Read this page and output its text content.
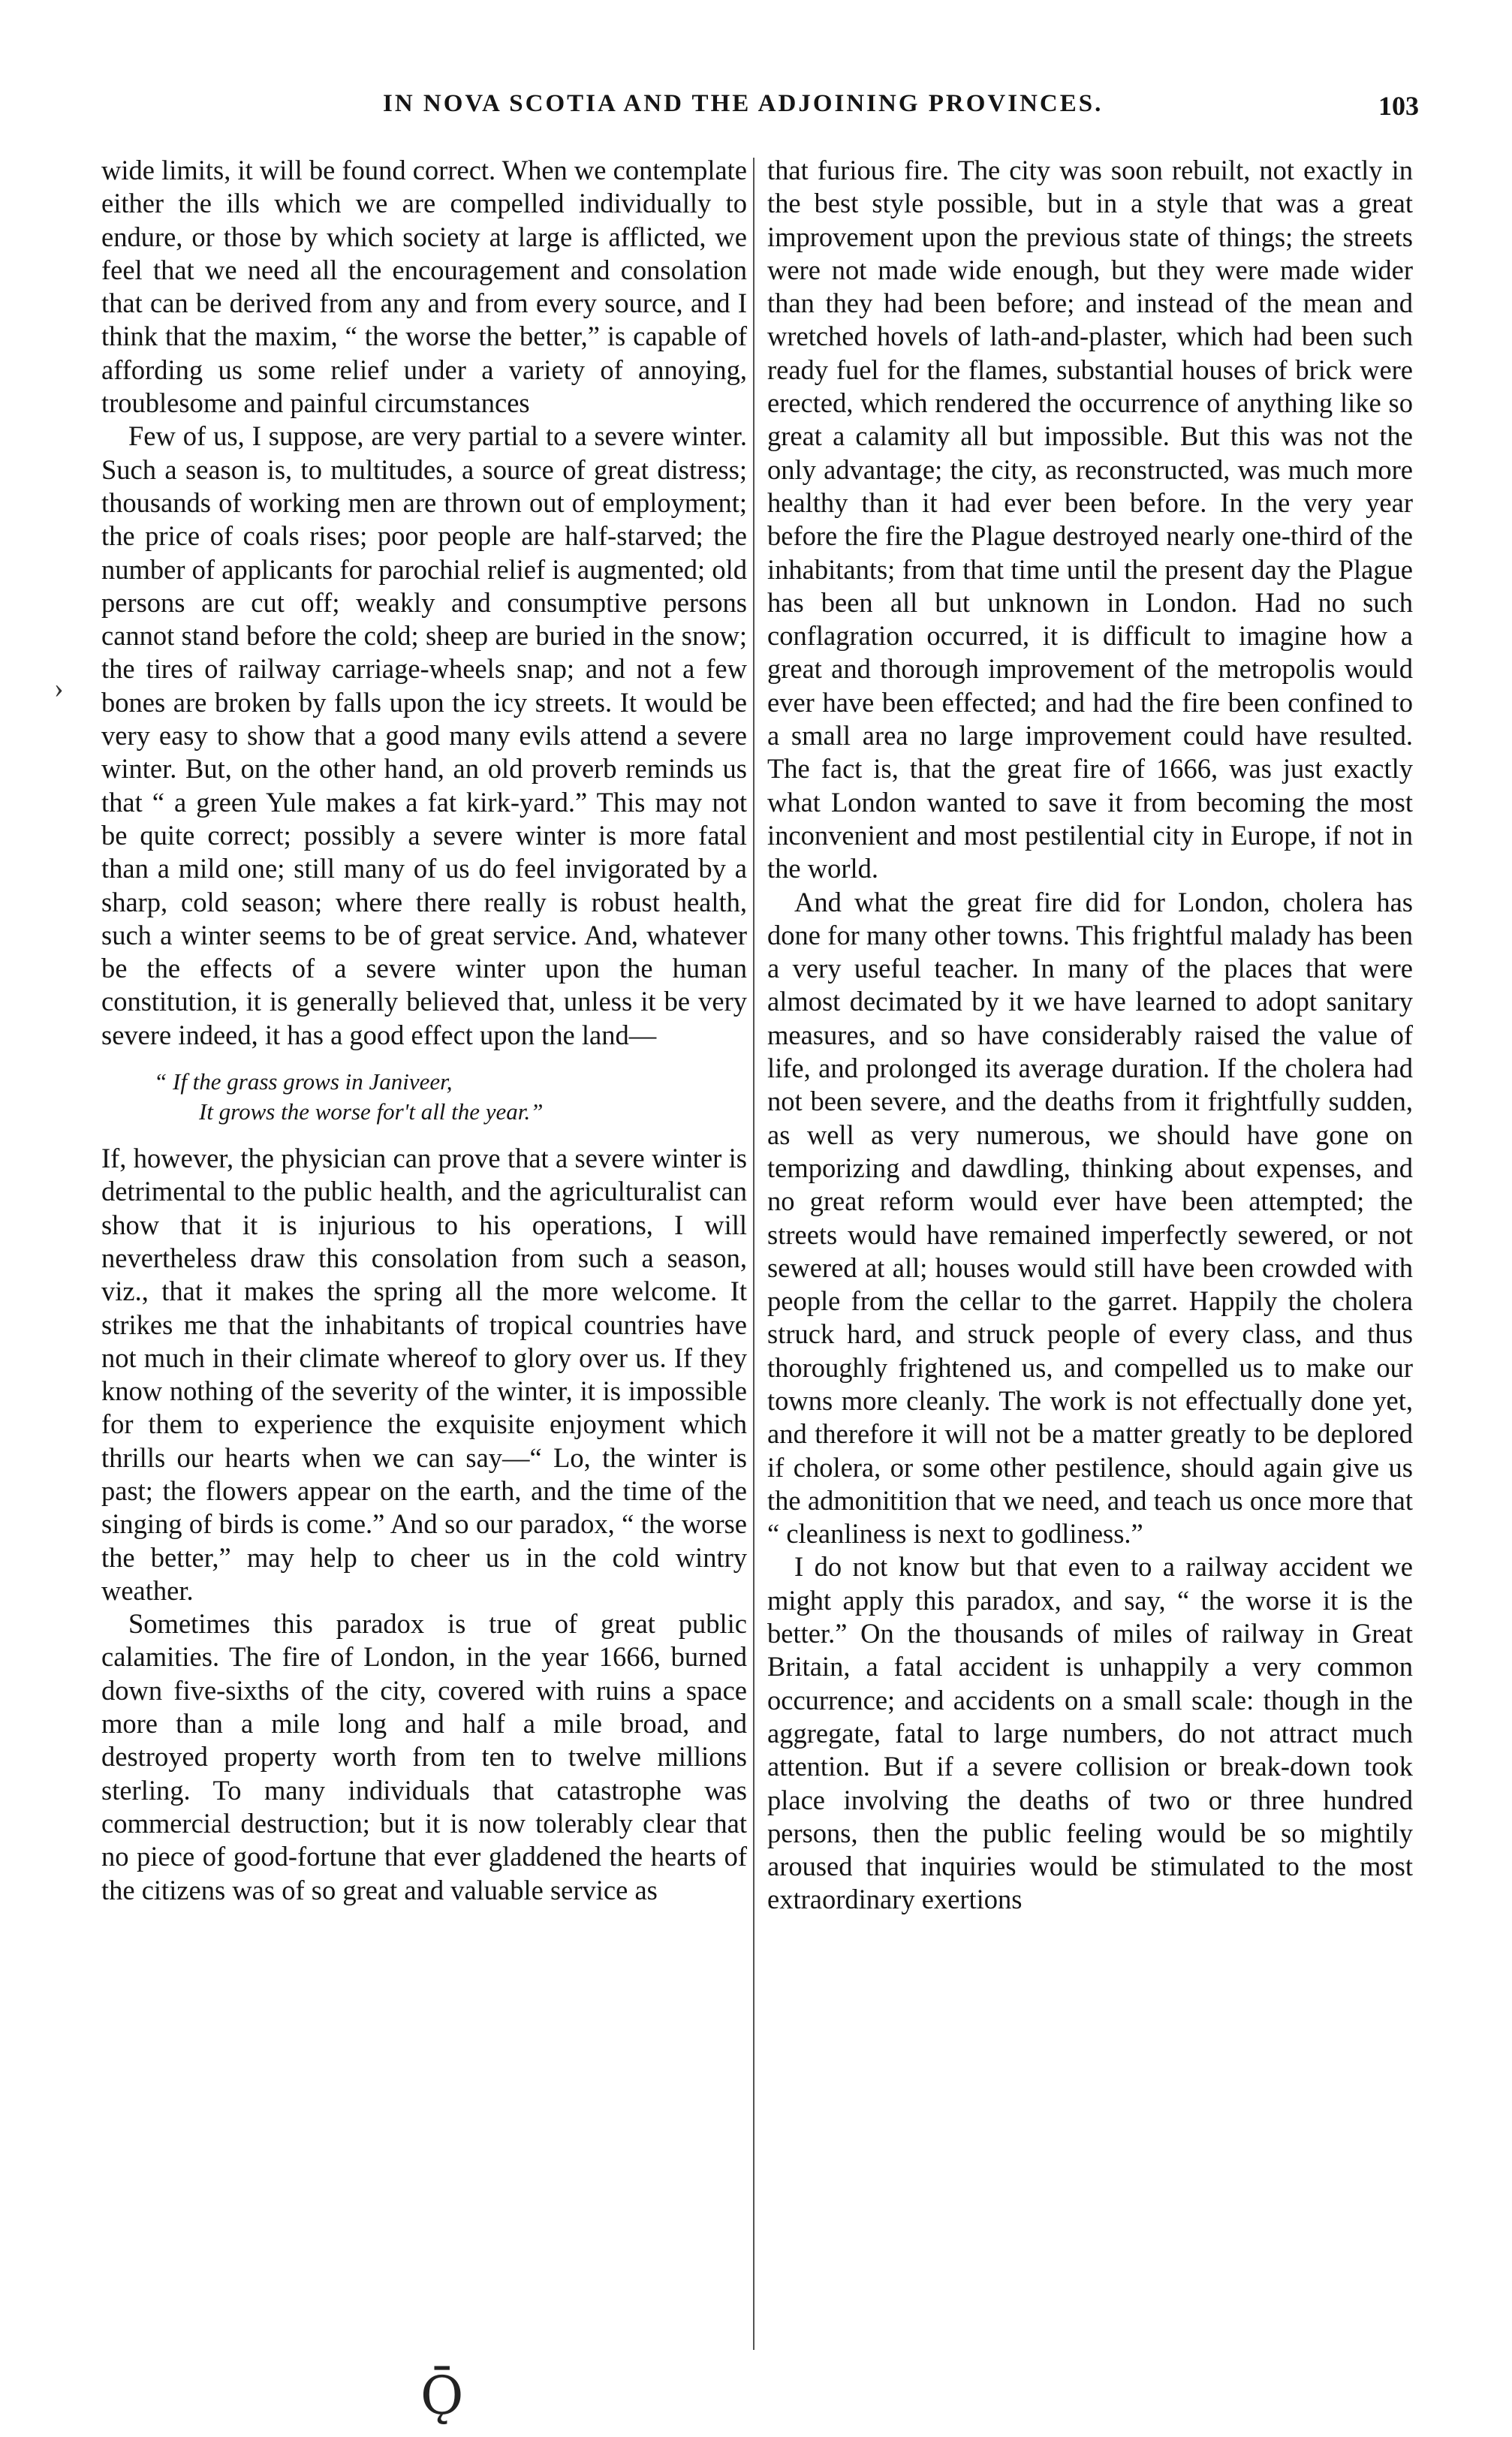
IN NOVA SCOTIA AND THE ADJOINING PROVINCES.	103
›

wide limits, it will be found correct. When we contemplate either the ills which we are compelled individually to endure, or those by which society at large is afflicted, we feel that we need all the encouragement and consolation that can be derived from any and from every source, and I think that the maxim, “ the worse the better,” is capable of affording us some relief under a variety of annoying, troublesome and painful circumstances

Few of us, I suppose, are very partial to a severe winter. Such a season is, to multitudes, a source of great distress; thousands of working men are thrown out of employment; the price of coals rises; poor people are half-starved; the number of applicants for parochial relief is augmented; old persons are cut off; weakly and consumptive persons cannot stand before the cold; sheep are buried in the snow; the tires of railway carriage-wheels snap; and not a few bones are broken by falls upon the icy streets. It would be very easy to show that a good many evils attend a severe winter. But, on the other hand, an old proverb reminds us that “ a green Yule makes a fat kirk-yard.” This may not be quite correct; possibly a severe winter is more fatal than a mild one; still many of us do feel invigorated by a sharp, cold season; where there really is robust health, such a winter seems to be of great service. And, whatever be the effects of a severe winter upon the human constitution, it is generally believed that, unless it be very severe indeed, it has a good effect upon the land—

“ If the grass grows in Janiveer,
It grows the worse for't all the year.”

If, however, the physician can prove that a severe winter is detrimental to the public health, and the agriculturalist can show that it is injurious to his operations, I will nevertheless draw this consolation from such a season, viz., that it makes the spring all the more welcome. It strikes me that the inhabitants of tropical countries have not much in their climate whereof to glory over us. If they know nothing of the severity of the winter, it is impossible for them to experience the exquisite enjoyment which thrills our hearts when we can say—“ Lo, the winter is past; the flowers appear on the earth, and the time of the singing of birds is come.” And so our paradox, “ the worse the better,” may help to cheer us in the cold wintry weather.

Sometimes this paradox is true of great public calamities. The fire of London, in the year 1666, burned down five-sixths of the city, covered with ruins a space more than a mile long and half a mile broad, and destroyed property worth from ten to twelve millions sterling. To many individuals that catastrophe was commercial destruction; but it is now tolerably clear that no piece of good-fortune that ever gladdened the hearts of the citizens was of so great and valuable service as

that furious fire. The city was soon rebuilt, not exactly in the best style possible, but in a style that was a great improvement upon the previous state of things; the streets were not made wide enough, but they were made wider than they had been before; and instead of the mean and wretched hovels of lath-and-plaster, which had been such ready fuel for the flames, substantial houses of brick were erected, which rendered the occurrence of anything like so great a calamity all but impossible. But this was not the only advantage; the city, as reconstructed, was much more healthy than it had ever been before. In the very year before the fire the Plague destroyed nearly one-third of the inhabitants; from that time until the present day the Plague has been all but unknown in London. Had no such conflagration occurred, it is difficult to imagine how a great and thorough improvement of the metropolis would ever have been effected; and had the fire been confined to a small area no large improvement could have resulted. The fact is, that the great fire of 1666, was just exactly what London wanted to save it from becoming the most inconvenient and most pestilential city in Europe, if not in the world.

And what the great fire did for London, cholera has done for many other towns. This frightful malady has been a very useful teacher. In many of the places that were almost decimated by it we have learned to adopt sanitary measures, and so have considerably raised the value of life, and prolonged its average duration. If the cholera had not been severe, and the deaths from it frightfully sudden, as well as very numerous, we should have gone on temporizing and dawdling, thinking about expenses, and no great reform would ever have been attempted; the streets would have remained imperfectly sewered, or not sewered at all; houses would still have been crowded with people from the cellar to the garret. Happily the cholera struck hard, and struck people of every class, and thus thoroughly frightened us, and compelled us to make our towns more cleanly. The work is not effectually done yet, and therefore it will not be a matter greatly to be deplored if cholera, or some other pestilence, should again give us the admonitition that we need, and teach us once more that “ cleanliness is next to godliness.”

I do not know but that even to a railway accident we might apply this paradox, and say, “ the worse it is the better.” On the thousands of miles of railway in Great Britain, a fatal accident is unhappily a very common occurrence; and accidents on a small scale: though in the aggregate, fatal to large numbers, do not attract much attention. But if a severe collision or break-down took place involving the deaths of two or three hundred persons, then the public feeling would be so mightily aroused that inquiries would be stimulated to the most extraordinary exertions

Ǭ
